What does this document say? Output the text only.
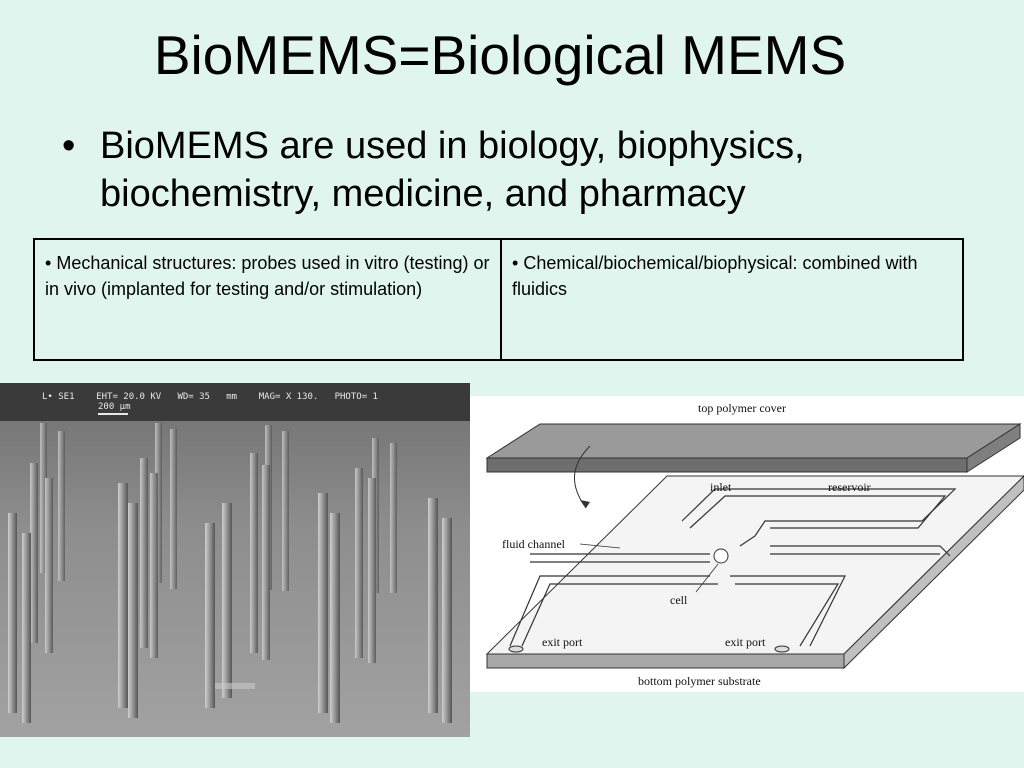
BioMEMS=Biological MEMS
• BioMEMS are used in biology, biophysics, biochemistry, medicine, and pharmacy
• Mechanical structures: probes used in vitro (testing) or in vivo (implanted for testing and/or stimulation)
• Chemical/biochemical/biophysical: combined with fluidics
L• SE1    EHT= 20.0 KV   WD= 35   mm    MAG= X 130.   PHOTO= 1
200 μm	top polymer cover
inlet	reservoir
fluid channel
cell
exit port	exit port
bottom polymer substrate
